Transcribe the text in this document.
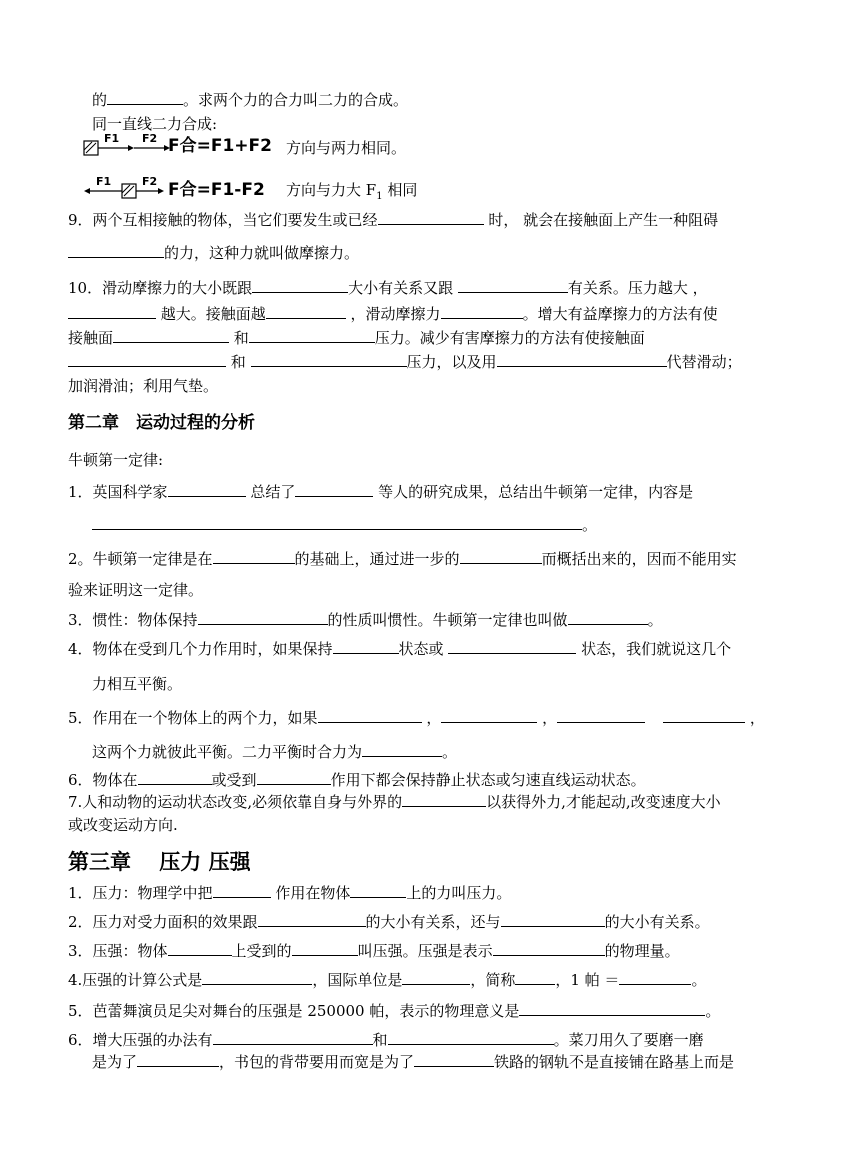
的	。求两个力的合力叫二力的合成。
同一直线二力合成:
F1 F2 F合=F1+F2 方向与两力相同。
F1	F2 F合=F1-F2 方向与力大 $F_1$ 相同
9．两个互相接触的物体，当它们要发生或已经	时， 就会在接触面上产生一种阻碍
的力，这种力就叫做摩擦力。
10．滑动摩擦力的大小既跟	大小有关系又跟	有关系。压力越大 ，
越大。接触面越	，滑动摩擦力	。增大有益摩擦力的方法有使
接触面	和	压力。减少有害摩擦力的方法有使接触面
和	压力，以及用	代替滑动；
加润滑油；利用气垫。
第二章　运动过程的分析
牛顿第一定律:
1．英国科学家	总结了	等人的研究成果，总结出牛顿第一定律，内容是
。
2。牛顿第一定律是在	的基础上，通过进一步的	而概括出来的，因而不能用实
验来证明这一定律。
3．惯性：物体保持	的性质叫惯性。牛顿第一定律也叫做	。
4．物体在受到几个力作用时，如果保持	状态或	状态，我们就说这几个
力相互平衡。
5．作用在一个物体上的两个力，如果	，	，	，
这两个力就彼此平衡。二力平衡时合力为	。
6．物体在	或受到	作用下都会保持静止状态或匀速直线运动状态。
7.人和动物的运动状态改变,必须依靠自身与外界的	以获得外力,才能起动,改变速度大小
或改变运动方向.
第三章　 压力 压强
1．压力：物理学中把	作用在物体	上的力叫压力。
2．压力对受力面积的效果跟	的大小有关系，还与	的大小有关系。
3．压强：物体	上受到的	叫压强。压强是表示	的物理量。
4.压强的计算公式是	，国际单位是	，简称	，1 帕 ＝	。
5．芭蕾舞演员足尖对舞台的压强是 250000 帕，表示的物理意义是	。
6．增大压强的办法有	和	。菜刀用久了要磨一磨
是为了	，书包的背带要用而宽是为了	铁路的钢轨不是直接铺在路基上而是
